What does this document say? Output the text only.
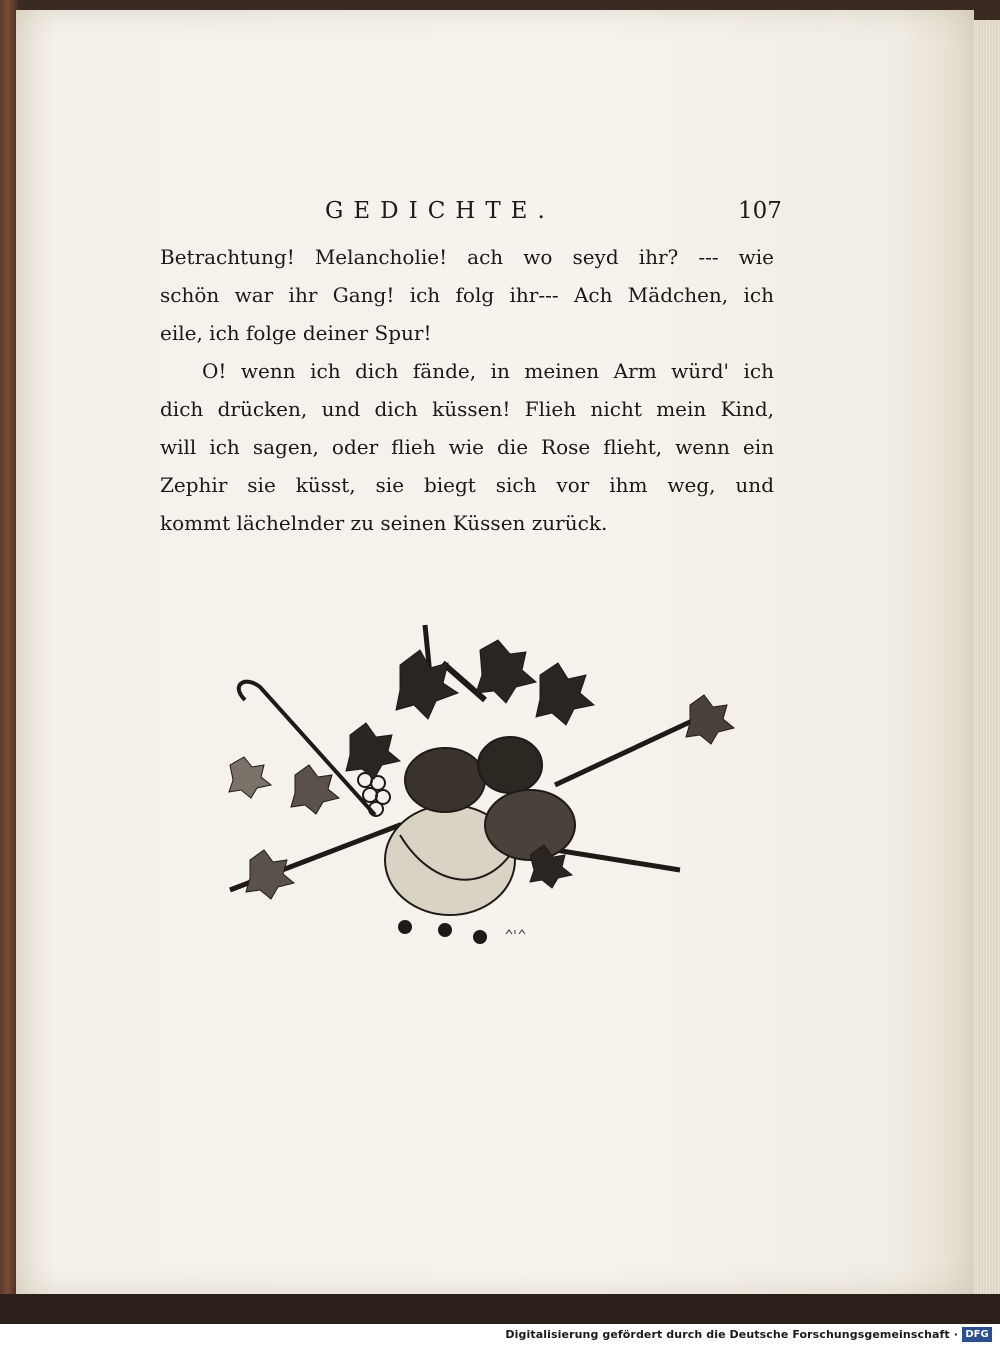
GEDICHTE.	107
Betrachtung! Melancholie! ach wo seyd ihr? --- wie
schön war ihr Gang! ich folg ihr--- Ach Mädchen, ich
eile, ich folge deiner Spur!
O! wenn ich dich fände, in meinen Arm würd' ich
dich drücken, und dich küssen! Flieh nicht mein Kind,
will ich sagen, oder flieh wie die Rose flieht, wenn ein
Zephir sie küsst, sie biegt sich vor ihm weg, und
kommt lächelnder zu seinen Küssen zurück.
Digitalisierung gefördert durch die Deutsche Forschungsgemeinschaft · DFG
